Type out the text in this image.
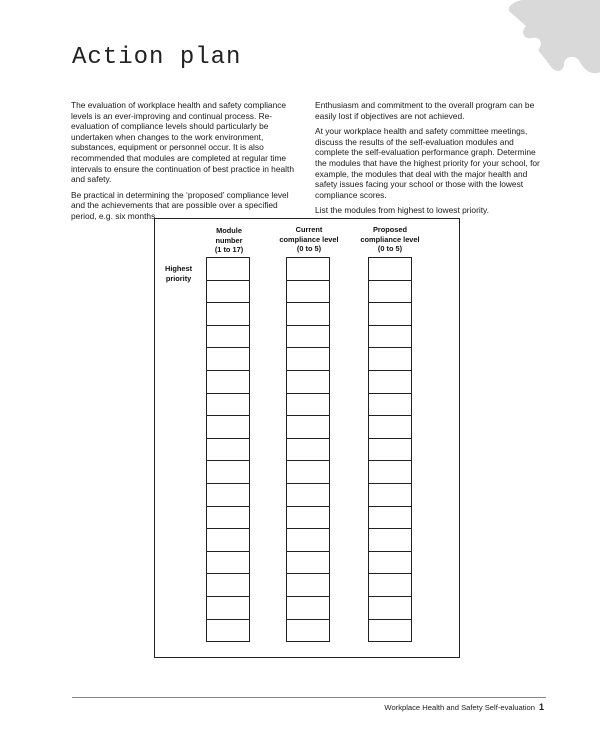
Action plan

The evaluation of workplace health and safety compliance levels is an ever-improving and continual process. Re-evaluation of compliance levels should particularly be undertaken when changes to the work environment, substances, equipment or personnel occur. It is also recommended that modules are completed at regular time intervals to ensure the continuation of best practice in health and safety.

Be practical in determining the ‘proposed’ compliance level and the achievements that are possible over a specified period, e.g. six months.

Enthusiasm and commitment to the overall program can be easily lost if objectives are not achieved.

At your workplace health and safety committee meetings, discuss the results of the self-evaluation modules and complete the self-evaluation performance graph. Determine the modules that have the highest priority for your school, for example, the modules that deal with the major health and safety issues facing your school or those with the lowest compliance scores.

List the modules from highest to lowest priority.

Module
number
(1 to 17)
Current
compliance level
(0 to 5)
Proposed
compliance level
(0 to 5)
Highest
priority
Workplace Health and Safety Self-evaluation 1
